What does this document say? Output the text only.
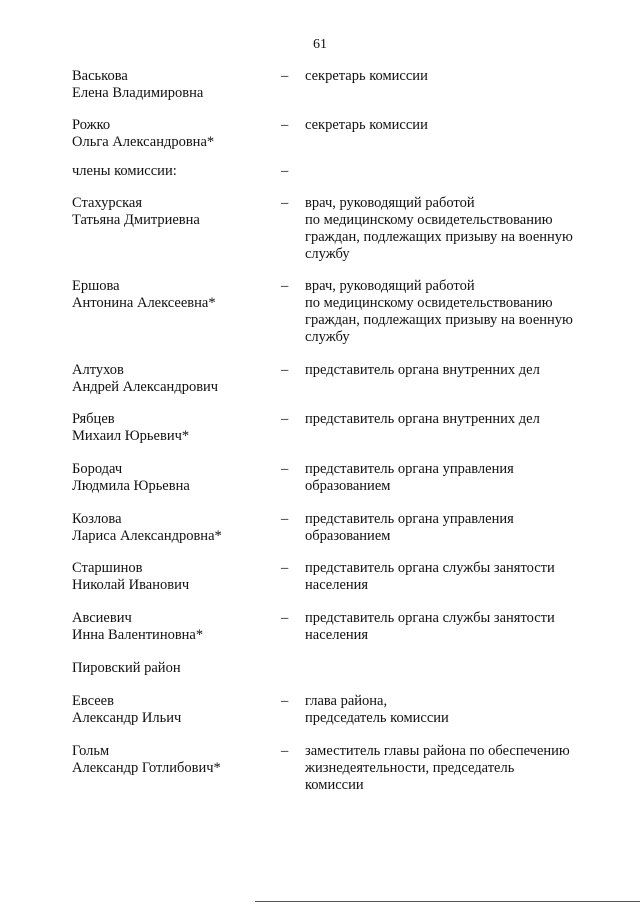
61
Васькова
Елена Владимировна
– секретарь комиссии
Рожко
Ольга Александровна*
– секретарь комиссии
члены комиссии:	–
Стахурская
Татьяна Дмитриевна
– врач, руководящий работой
по медицинскому освидетельствованию
граждан, подлежащих призыву на военную
службу
Ершова
Антонина Алексеевна*
– врач, руководящий работой
по медицинскому освидетельствованию
граждан, подлежащих призыву на военную
службу
Алтухов
Андрей Александрович
– представитель органа внутренних дел
Рябцев
Михаил Юрьевич*
– представитель органа внутренних дел
Бородач
Людмила Юрьевна
– представитель органа управления
образованием
Козлова
Лариса Александровна*
– представитель органа управления
образованием
Старшинов
Николай Иванович
– представитель органа службы занятости
населения
Авсиевич
Инна Валентиновна*
– представитель органа службы занятости
населения
Пировский район
Евсеев
Александр Ильич
– глава района,
председатель комиссии
Гольм
Александр Готлибович*
– заместитель главы района по обеспечению
жизнедеятельности, председатель
комиссии
